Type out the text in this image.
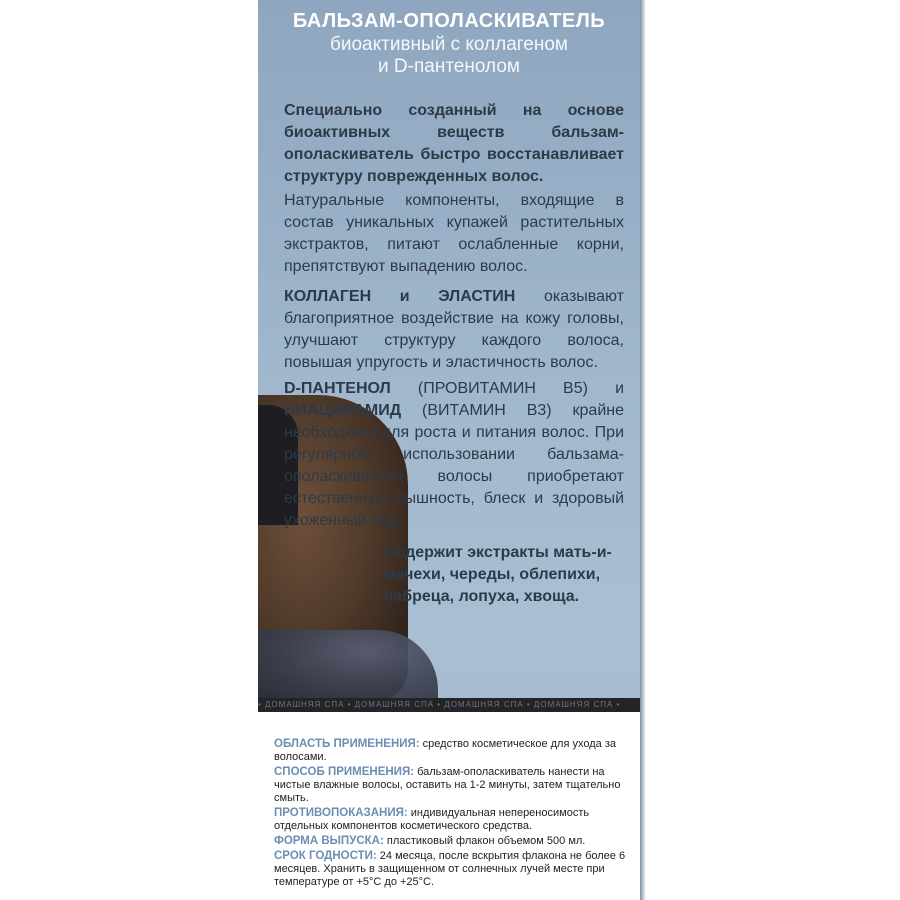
БАЛЬЗАМ-ОПОЛАСКИВАТЕЛЬ
биоактивный с коллагеном
и D-пантенолом
Специально созданный на основе биоактивных веществ бальзам-ополаскиватель быстро восстанавливает структуру поврежденных волос.
Натуральные компоненты, входящие в состав уникальных купажей растительных экстрактов, питают ослабленные корни, препятствуют выпадению волос.
КОЛЛАГЕН и ЭЛАСТИН оказывают благоприятное воздействие на кожу головы, улучшают структуру каждого волоса, повышая упругость и эластичность волос.
D-ПАНТЕНОЛ (ПРОВИТАМИН В5) и НИАЦИНАМИД (ВИТАМИН В3) крайне необходимы для роста и питания волос. При регулярном использовании бальзама-ополаскивателя волосы приобретают естественную пышность, блеск и здоровый ухоженный вид.
Содержит экстракты мать-и-мачехи, череды, облепихи, чабреца, лопуха, хвоща.
• ДОМАШНЯЯ СПА • ДОМАШНЯЯ СПА • ДОМАШНЯЯ СПА • ДОМАШНЯЯ СПА •
ОБЛАСТЬ ПРИМЕНЕНИЯ: средство косметическое для ухода за волосами.
СПОСОБ ПРИМЕНЕНИЯ: бальзам-ополаскиватель нанести на чистые влажные волосы, оставить на 1-2 минуты, затем тщательно смыть.
ПРОТИВОПОКАЗАНИЯ: индивидуальная непереносимость отдельных компонентов косметического средства.
ФОРМА ВЫПУСКА: пластиковый флакон объемом 500 мл.
СРОК ГОДНОСТИ: 24 месяца, после вскрытия флакона не более 6 месяцев. Хранить в защищенном от солнечных лучей месте при температуре от +5°С до +25°С.
